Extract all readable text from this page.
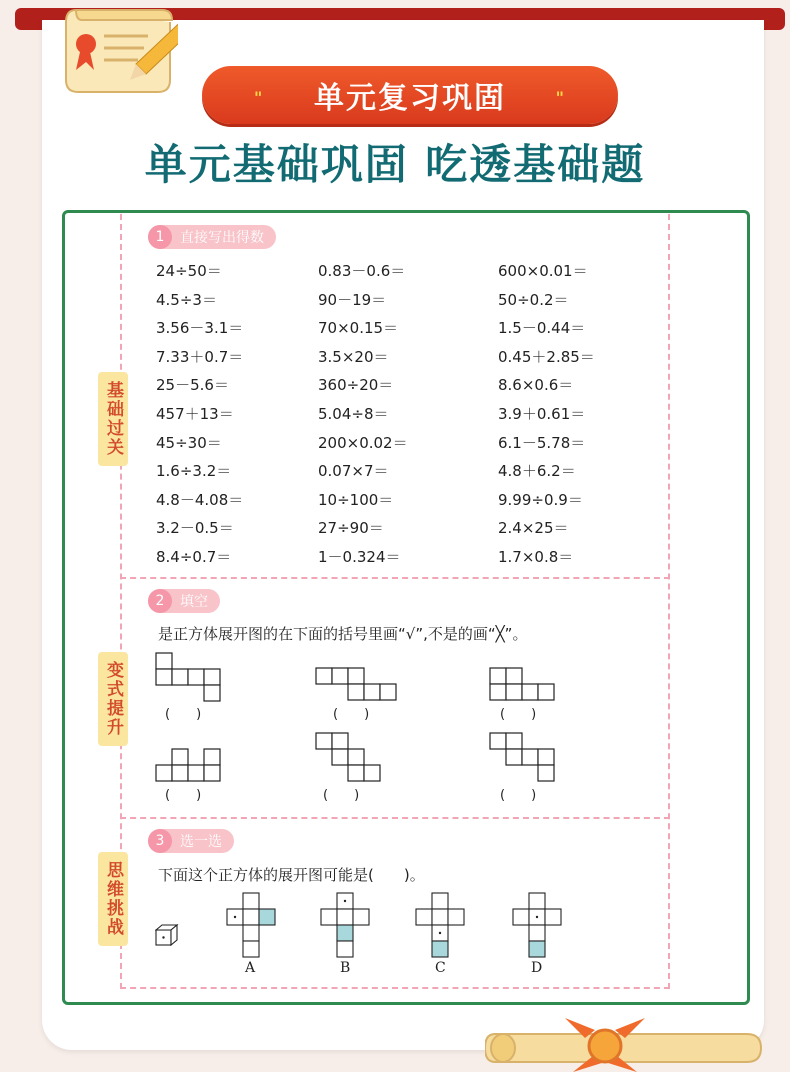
" 单元复习巩固	"
单元基础巩固 吃透基础题
基础过关
变式提升
思维挑战
1	直接写出得数
2	填空
3	选一选
24÷50＝	0.83－0.6＝	600×0.01＝
4.5÷3＝	90－19＝	50÷0.2＝
3.56－3.1＝	70×0.15＝	1.5－0.44＝
7.33＋0.7＝	3.5×20＝	0.45＋2.85＝
25－5.6＝	360÷20＝	8.6×0.6＝
457＋13＝	5.04÷8＝	3.9＋0.61＝
45÷30＝	200×0.02＝	6.1－5.78＝
1.6÷3.2＝	0.07×7＝	4.8＋6.2＝
4.8－4.08＝	10÷100＝	9.99÷0.9＝
3.2－0.5＝	27÷90＝	2.4×25＝
8.4÷0.7＝	1－0.324＝	1.7×0.8＝
是正方体展开图的在下面的括号里画“√”,不是的画“╳”。
(　　)	(　　)	(　　)
(　　)	(　　)	(　　)
下面这个正方体的展开图可能是(　　)。
A	B	C	D
